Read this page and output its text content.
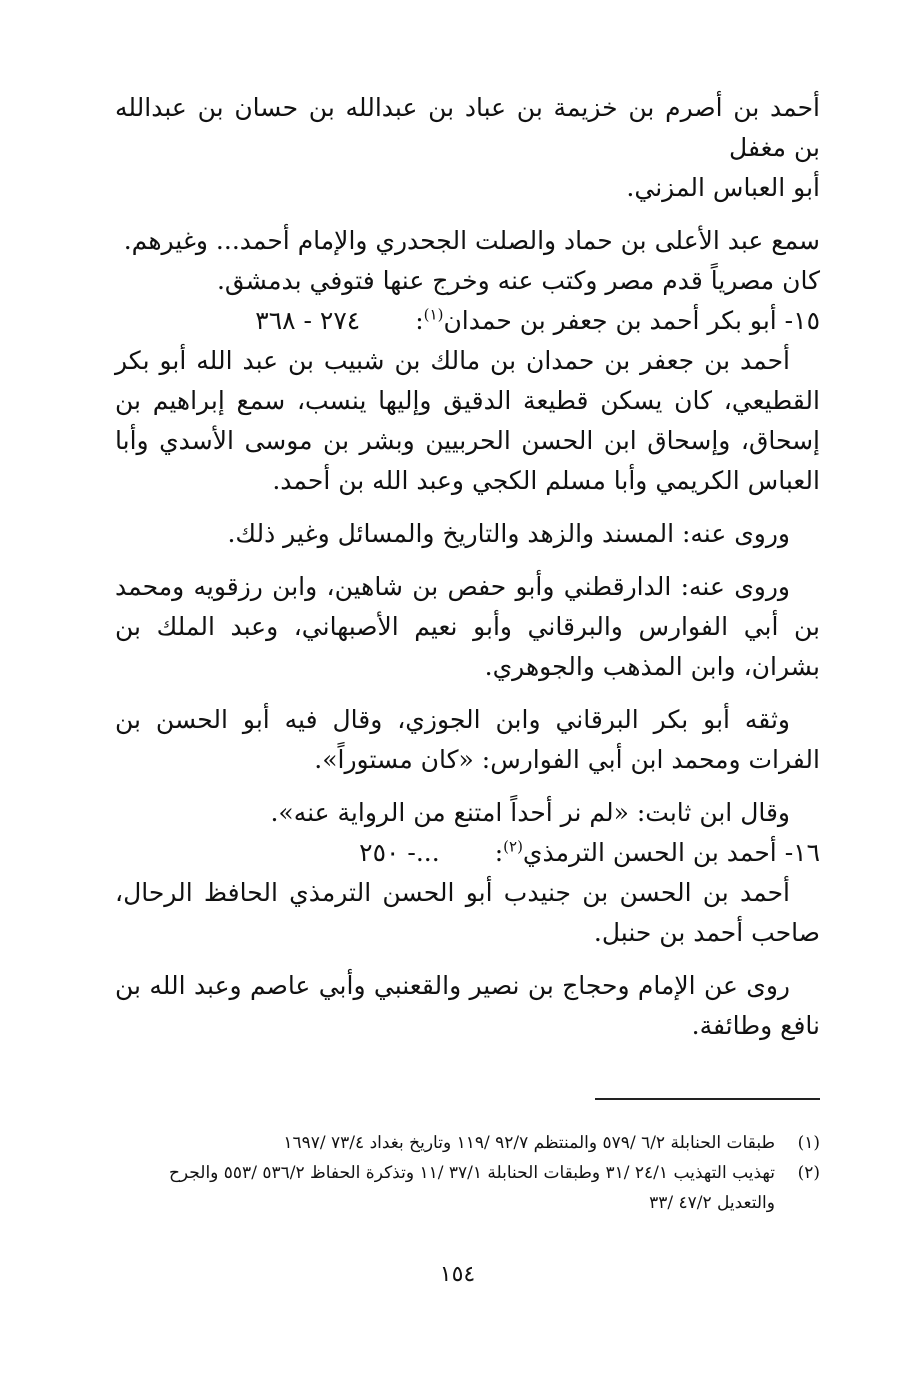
أحمد بن أصرم بن خزيمة بن عباد بن عبدالله بن حسان بن عبدالله بن مغفل

أبو العباس المزني.

سمع عبد الأعلى بن حماد والصلت الجحدري والإمام أحمد... وغيرهم.

كان مصرياً قدم مصر وكتب عنه وخرج عنها فتوفي بدمشق.

١٥- أبو بكر أحمد بن جعفر بن حمدان$^{(١)}$:
٢٧٤ - ٣٦٨

أحمد بن جعفر بن حمدان بن مالك بن شبيب بن عبد الله أبو بكر القطيعي، كان يسكن قطيعة الدقيق وإليها ينسب، سمع إبراهيم بن إسحاق، وإسحاق ابن الحسن الحربيين وبشر بن موسى الأسدي وأبا العباس الكريمي وأبا مسلم الكجي وعبد الله بن أحمد.

وروى عنه: المسند والزهد والتاريخ والمسائل وغير ذلك.

وروى عنه: الدارقطني وأبو حفص بن شاهين، وابن رزقويه ومحمد بن أبي الفوارس والبرقاني وأبو نعيم الأصبهاني، وعبد الملك بن بشران، وابن المذهب والجوهري.

وثقه أبو بكر البرقاني وابن الجوزي، وقال فيه أبو الحسن بن الفرات ومحمد ابن أبي الفوارس: «كان مستوراً».

وقال ابن ثابت: «لم نر أحداً امتنع من الرواية عنه».

١٦- أحمد بن الحسن الترمذي$^{(٢)}$:
...- ٢٥٠

أحمد بن الحسن بن جنيدب أبو الحسن الترمذي الحافظ الرحال، صاحب أحمد بن حنبل.

روى عن الإمام وحجاج بن نصير والقعنبي وأبي عاصم وعبد الله بن نافع وطائفة.

(١)
طبقات الحنابلة ٦/٢ /٥٧٩ والمنتظم ٩٢/٧ /١١٩ وتاريخ بغداد ٧٣/٤ /١٦٩٧
(٢)
تهذيب التهذيب ٢٤/١ /٣١ وطبقات الحنابلة ٣٧/١ /١١ وتذكرة الحفاظ ٥٣٦/٢ /٥٥٣ والجرح والتعديل ٤٧/٢ /٣٣
١٥٤
